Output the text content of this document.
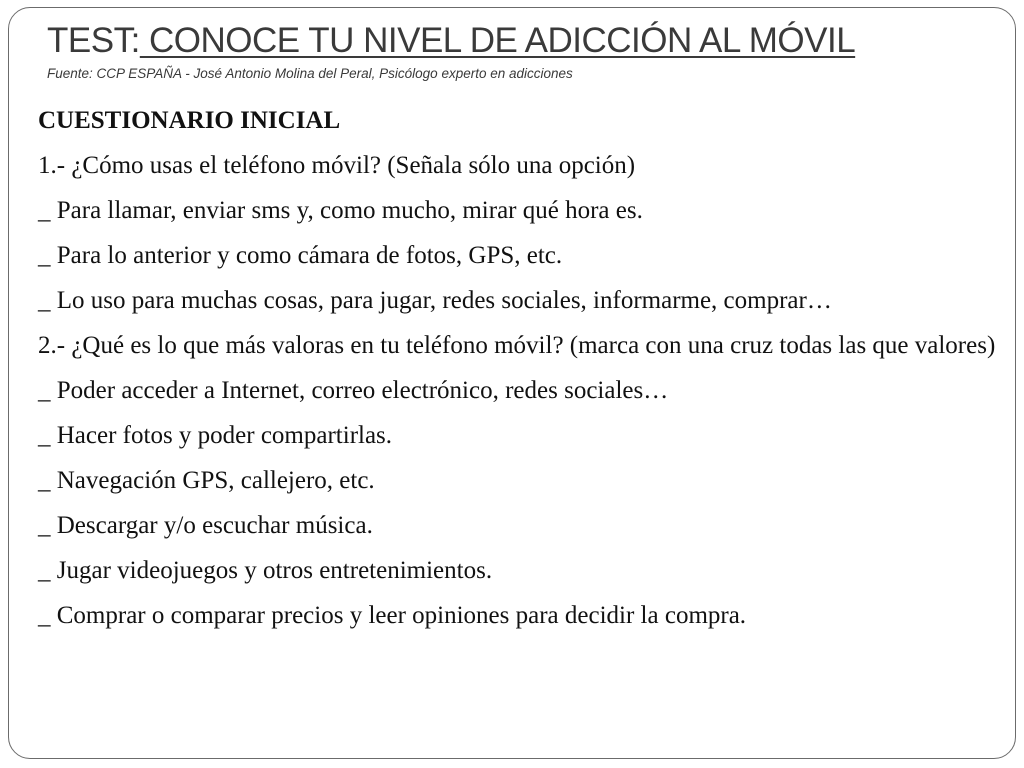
TEST: CONOCE TU NIVEL DE ADICCIÓN AL MÓVIL
Fuente: CCP ESPAÑA - José Antonio Molina del Peral, Psicólogo experto en adicciones
CUESTIONARIO INICIAL
1.- ¿Cómo usas el teléfono móvil? (Señala sólo una opción)
_ Para llamar, enviar sms y, como mucho, mirar qué hora es.
_ Para lo anterior y como cámara de fotos, GPS, etc.
_ Lo uso para muchas cosas, para jugar, redes sociales, informarme, comprar…
2.- ¿Qué es lo que más valoras en tu teléfono móvil? (marca con una cruz todas las que valores)
_ Poder acceder a Internet, correo electrónico, redes sociales…
_ Hacer fotos y poder compartirlas.
_ Navegación GPS, callejero, etc.
_ Descargar y/o escuchar música.
_ Jugar videojuegos y otros entretenimientos.
_ Comprar o comparar precios y leer opiniones para decidir la compra.
